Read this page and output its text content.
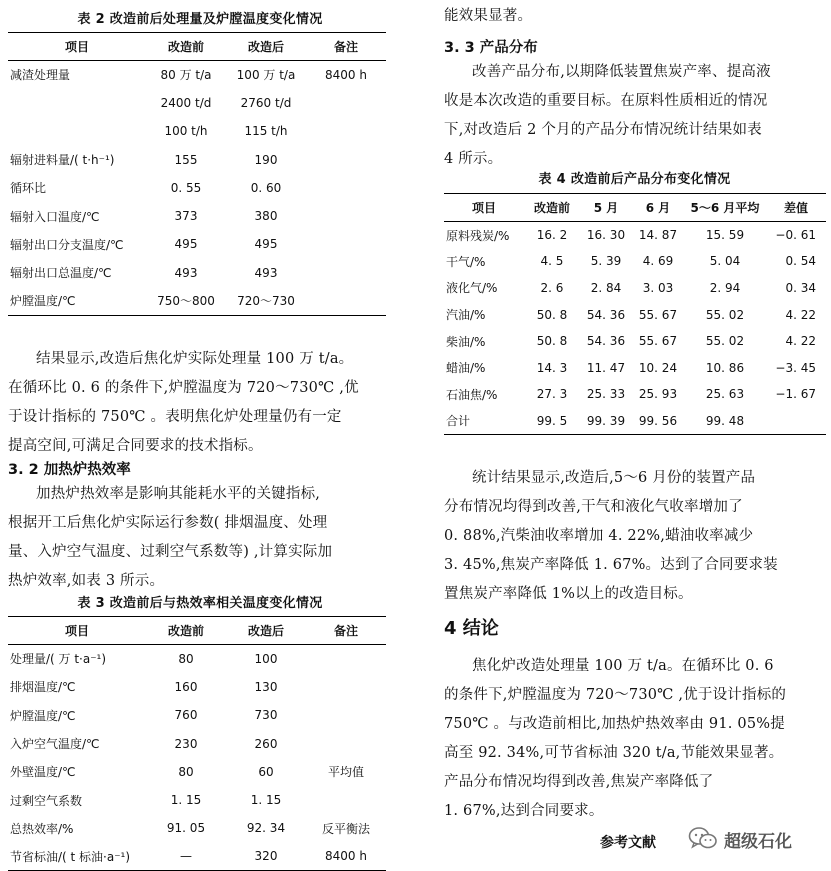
表 2 改造前后处理量及炉膛温度变化情况
项目	改造前	改造后	备注
减渣处理量	80 万 t/a	100 万 t/a	8400 h
	2400 t/d	2760 t/d	
	100 t/h	115 t/h	
辐射进料量/( t·h⁻¹)	155	190	
循环比	0. 55	0. 60	
辐射入口温度/℃	373	380	
辐射出口分支温度/℃	495	495	
辐射出口总温度/℃	493	493	
炉膛温度/℃	750～800	720～730	
结果显示,改造后焦化炉实际处理量 100 万 t/a。
在循环比 0. 6 的条件下,炉膛温度为 720～730℃ ,优
于设计指标的 750℃ 。表明焦化炉处理量仍有一定
提高空间,可满足合同要求的技术指标。
3. 2 加热炉热效率
加热炉热效率是影响其能耗水平的关键指标,
根据开工后焦化炉实际运行参数( 排烟温度、处理
量、入炉空气温度、过剩空气系数等) ,计算实际加
热炉效率,如表 3 所示。
表 3 改造前后与热效率相关温度变化情况
项目	改造前	改造后	备注
处理量/( 万 t·a⁻¹)	80	100	
排烟温度/℃	160	130	
炉膛温度/℃	760	730	
入炉空气温度/℃	230	260	
外壁温度/℃	80	60	平均值
过剩空气系数	1. 15	1. 15	
总热效率/%	91. 05	92. 34	反平衡法
节省标油/( t 标油·a⁻¹)	—	320	8400 h
能效果显著。
3. 3 产品分布
改善产品分布,以期降低装置焦炭产率、提高液
收是本次改造的重要目标。在原料性质相近的情况
下,对改造后 2 个月的产品分布情况统计结果如表
4 所示。
表 4 改造前后产品分布变化情况
项目	改造前	5 月	6 月	5～6 月平均	差值
原料残炭/%	16. 2	16. 30	14. 87	15. 59	−0. 61
干气/%	4. 5	5. 39	4. 69	5. 04	0. 54
液化气/%	2. 6	2. 84	3. 03	2. 94	0. 34
汽油/%	50. 8	54. 36	55. 67	55. 02	4. 22
柴油/%	50. 8	54. 36	55. 67	55. 02	4. 22
蜡油/%	14. 3	11. 47	10. 24	10. 86	−3. 45
石油焦/%	27. 3	25. 33	25. 93	25. 63	−1. 67
合计	99. 5	99. 39	99. 56	99. 48	
统计结果显示,改造后,5～6 月份的装置产品
分布情况均得到改善,干气和液化气收率增加了
0. 88%,汽柴油收率增加 4. 22%,蜡油收率减少
3. 45%,焦炭产率降低 1. 67%。达到了合同要求装
置焦炭产率降低 1%以上的改造目标。
4 结论
焦化炉改造处理量 100 万 t/a。在循环比 0. 6
的条件下,炉膛温度为 720～730℃ ,优于设计指标的
750℃ 。与改造前相比,加热炉热效率由 91. 05%提
高至 92. 34%,可节省标油 320 t/a,节能效果显著。
产品分布情况均得到改善,焦炭产率降低了
1. 67%,达到合同要求。
参考文献	超级石化
